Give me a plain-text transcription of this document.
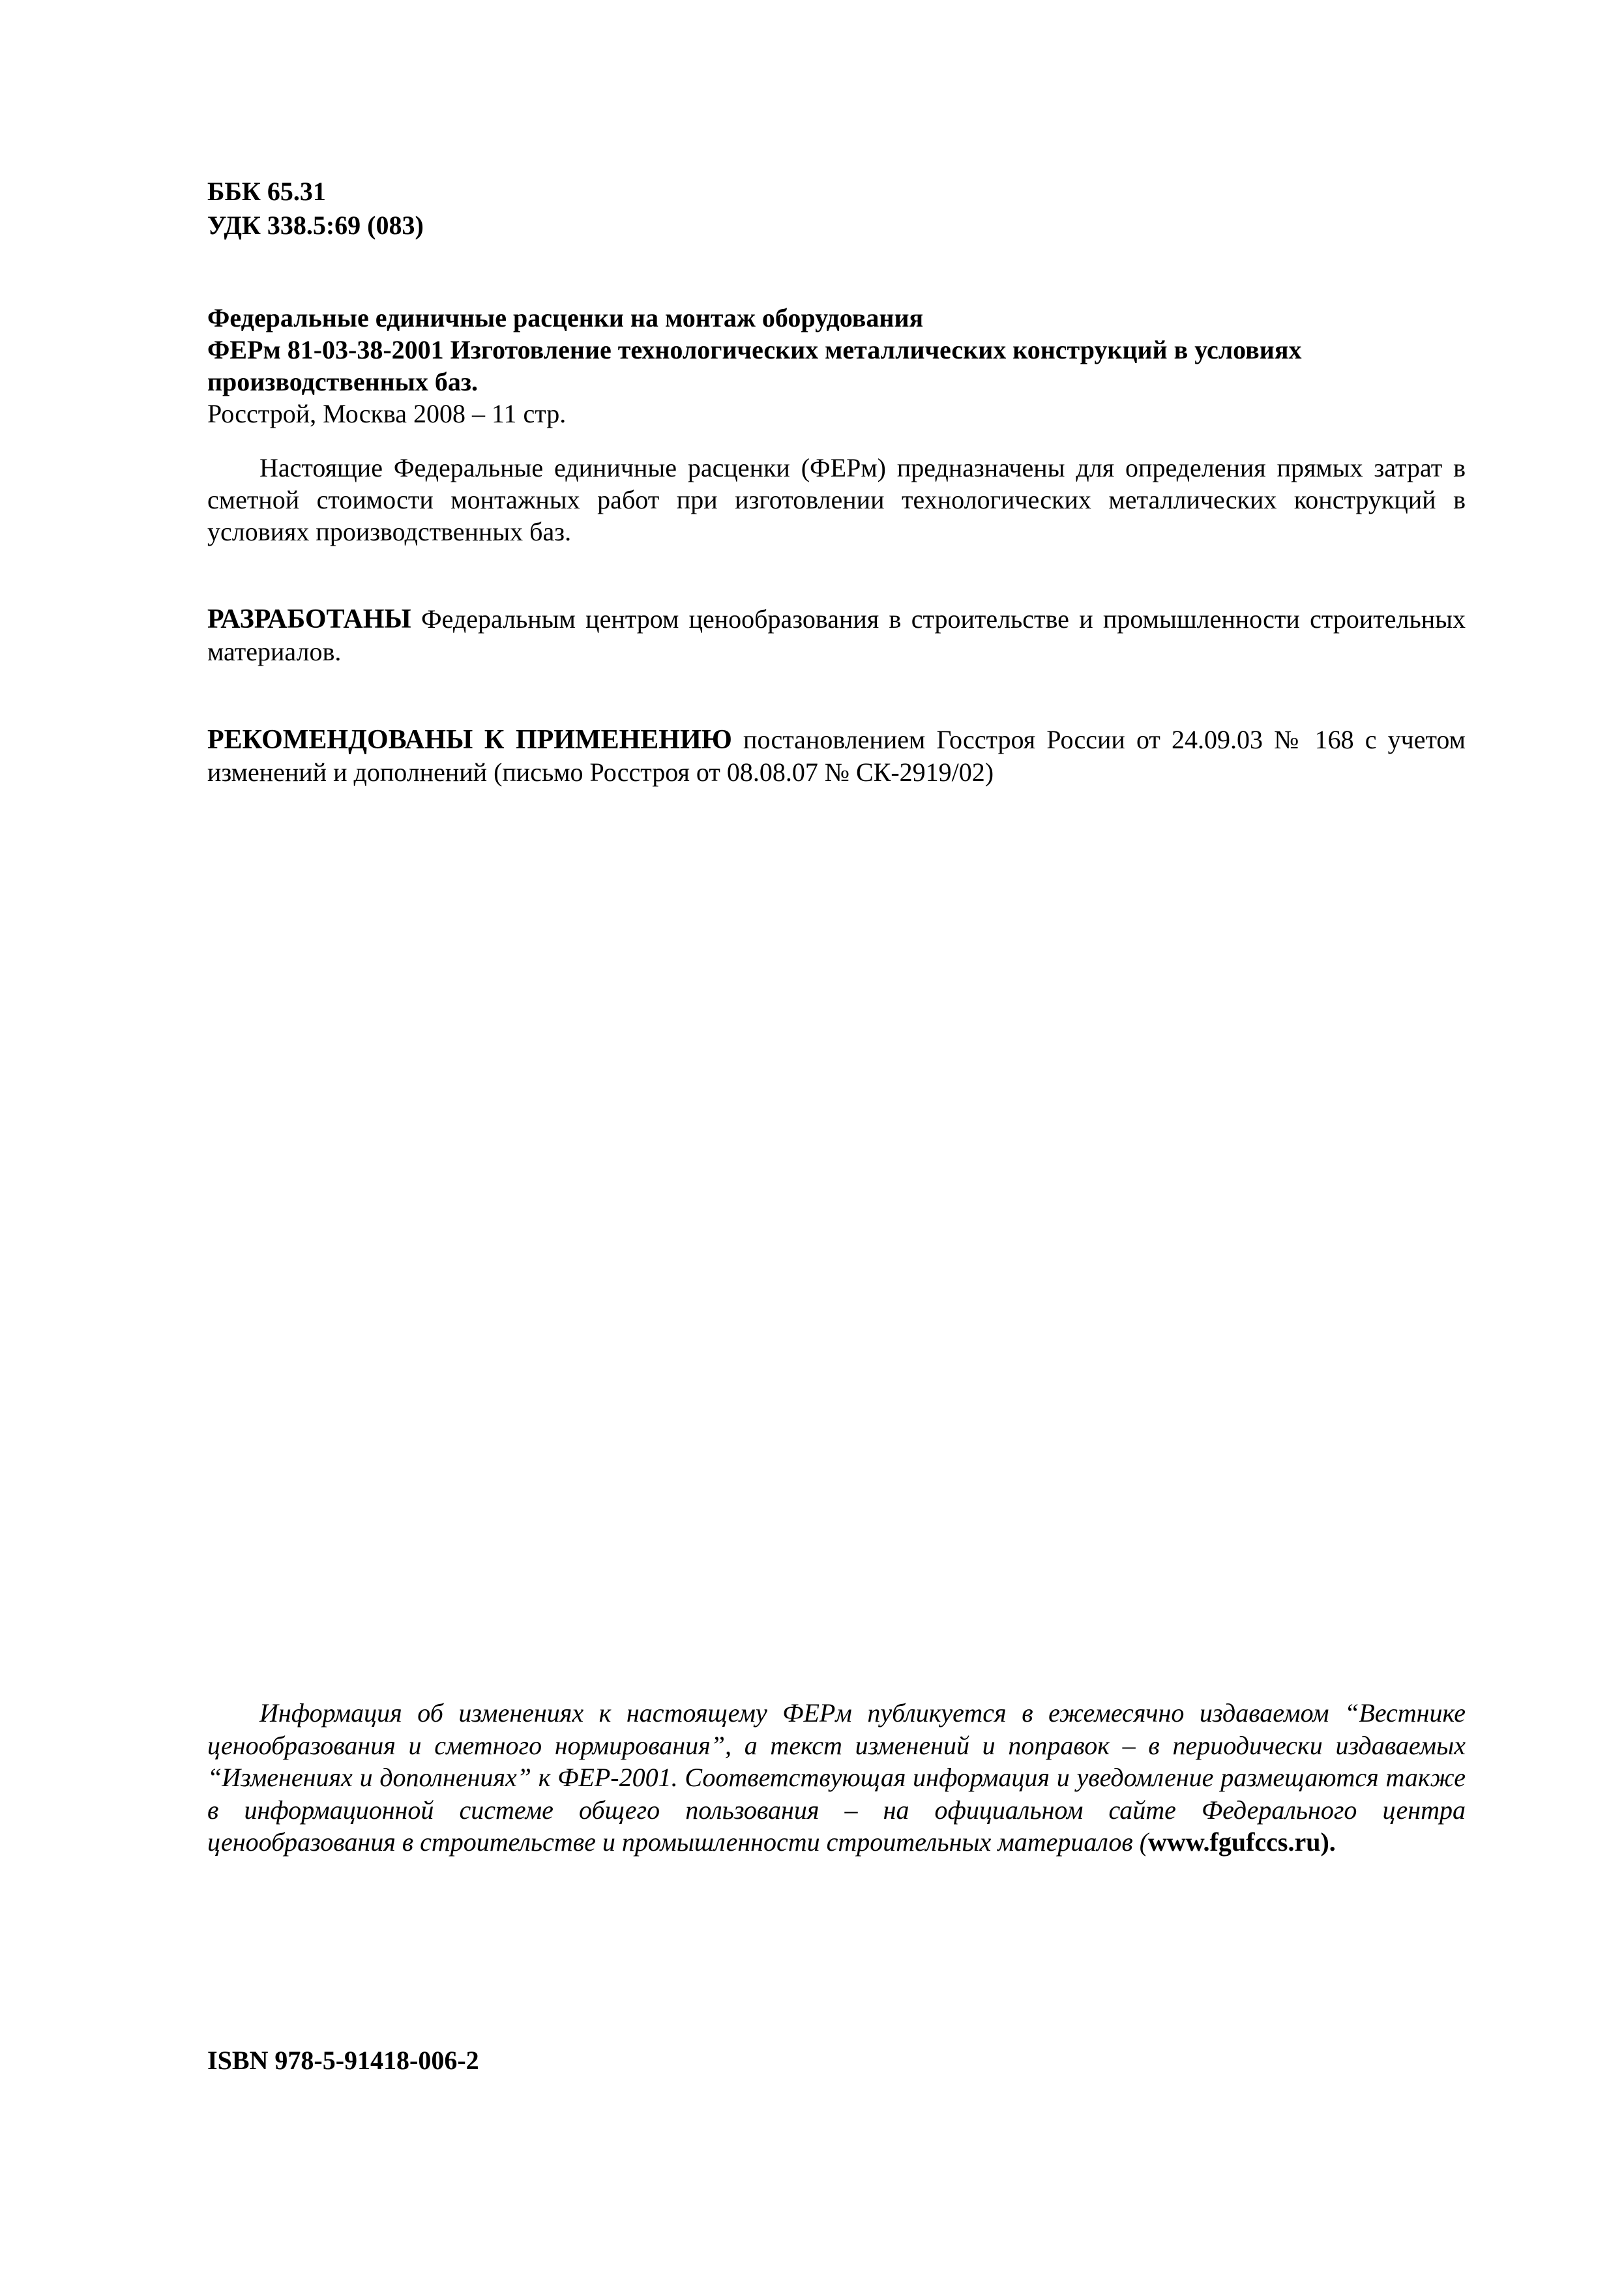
ББК 65.31
УДК 338.5:69 (083)
Федеральные единичные расценки на монтаж оборудования
ФЕРм 81-03-38-2001 Изготовление технологических металлических конструкций в условиях производственных баз.
Росстрой, Москва 2008 – 11 стр.
Настоящие Федеральные единичные расценки (ФЕРм) предназначены для определения прямых затрат в сметной стоимости монтажных работ при изготовлении технологических металлических конструкций в условиях производственных баз.
РАЗРАБОТАНЫ Федеральным центром ценообразования в строительстве и промышленности строительных материалов.
РЕКОМЕНДОВАНЫ К ПРИМЕНЕНИЮ постановлением Госстроя России от 24.09.03 № 168 с учетом изменений и дополнений (письмо Росстроя от 08.08.07 № СК-2919/02)
Информация об изменениях к настоящему ФЕРм публикуется в ежемесячно издаваемом “Вестнике ценообразования и сметного нормирования”, а текст изменений и поправок – в периодически издаваемых “Изменениях и дополнениях” к ФЕР-2001. Соответствующая информация и уведомление размещаются также в информационной системе общего пользования – на официальном сайте Федерального центра ценообразования в строительстве и промышленности строительных материалов (www.fgufccs.ru).
ISBN 978-5-91418-006-2
